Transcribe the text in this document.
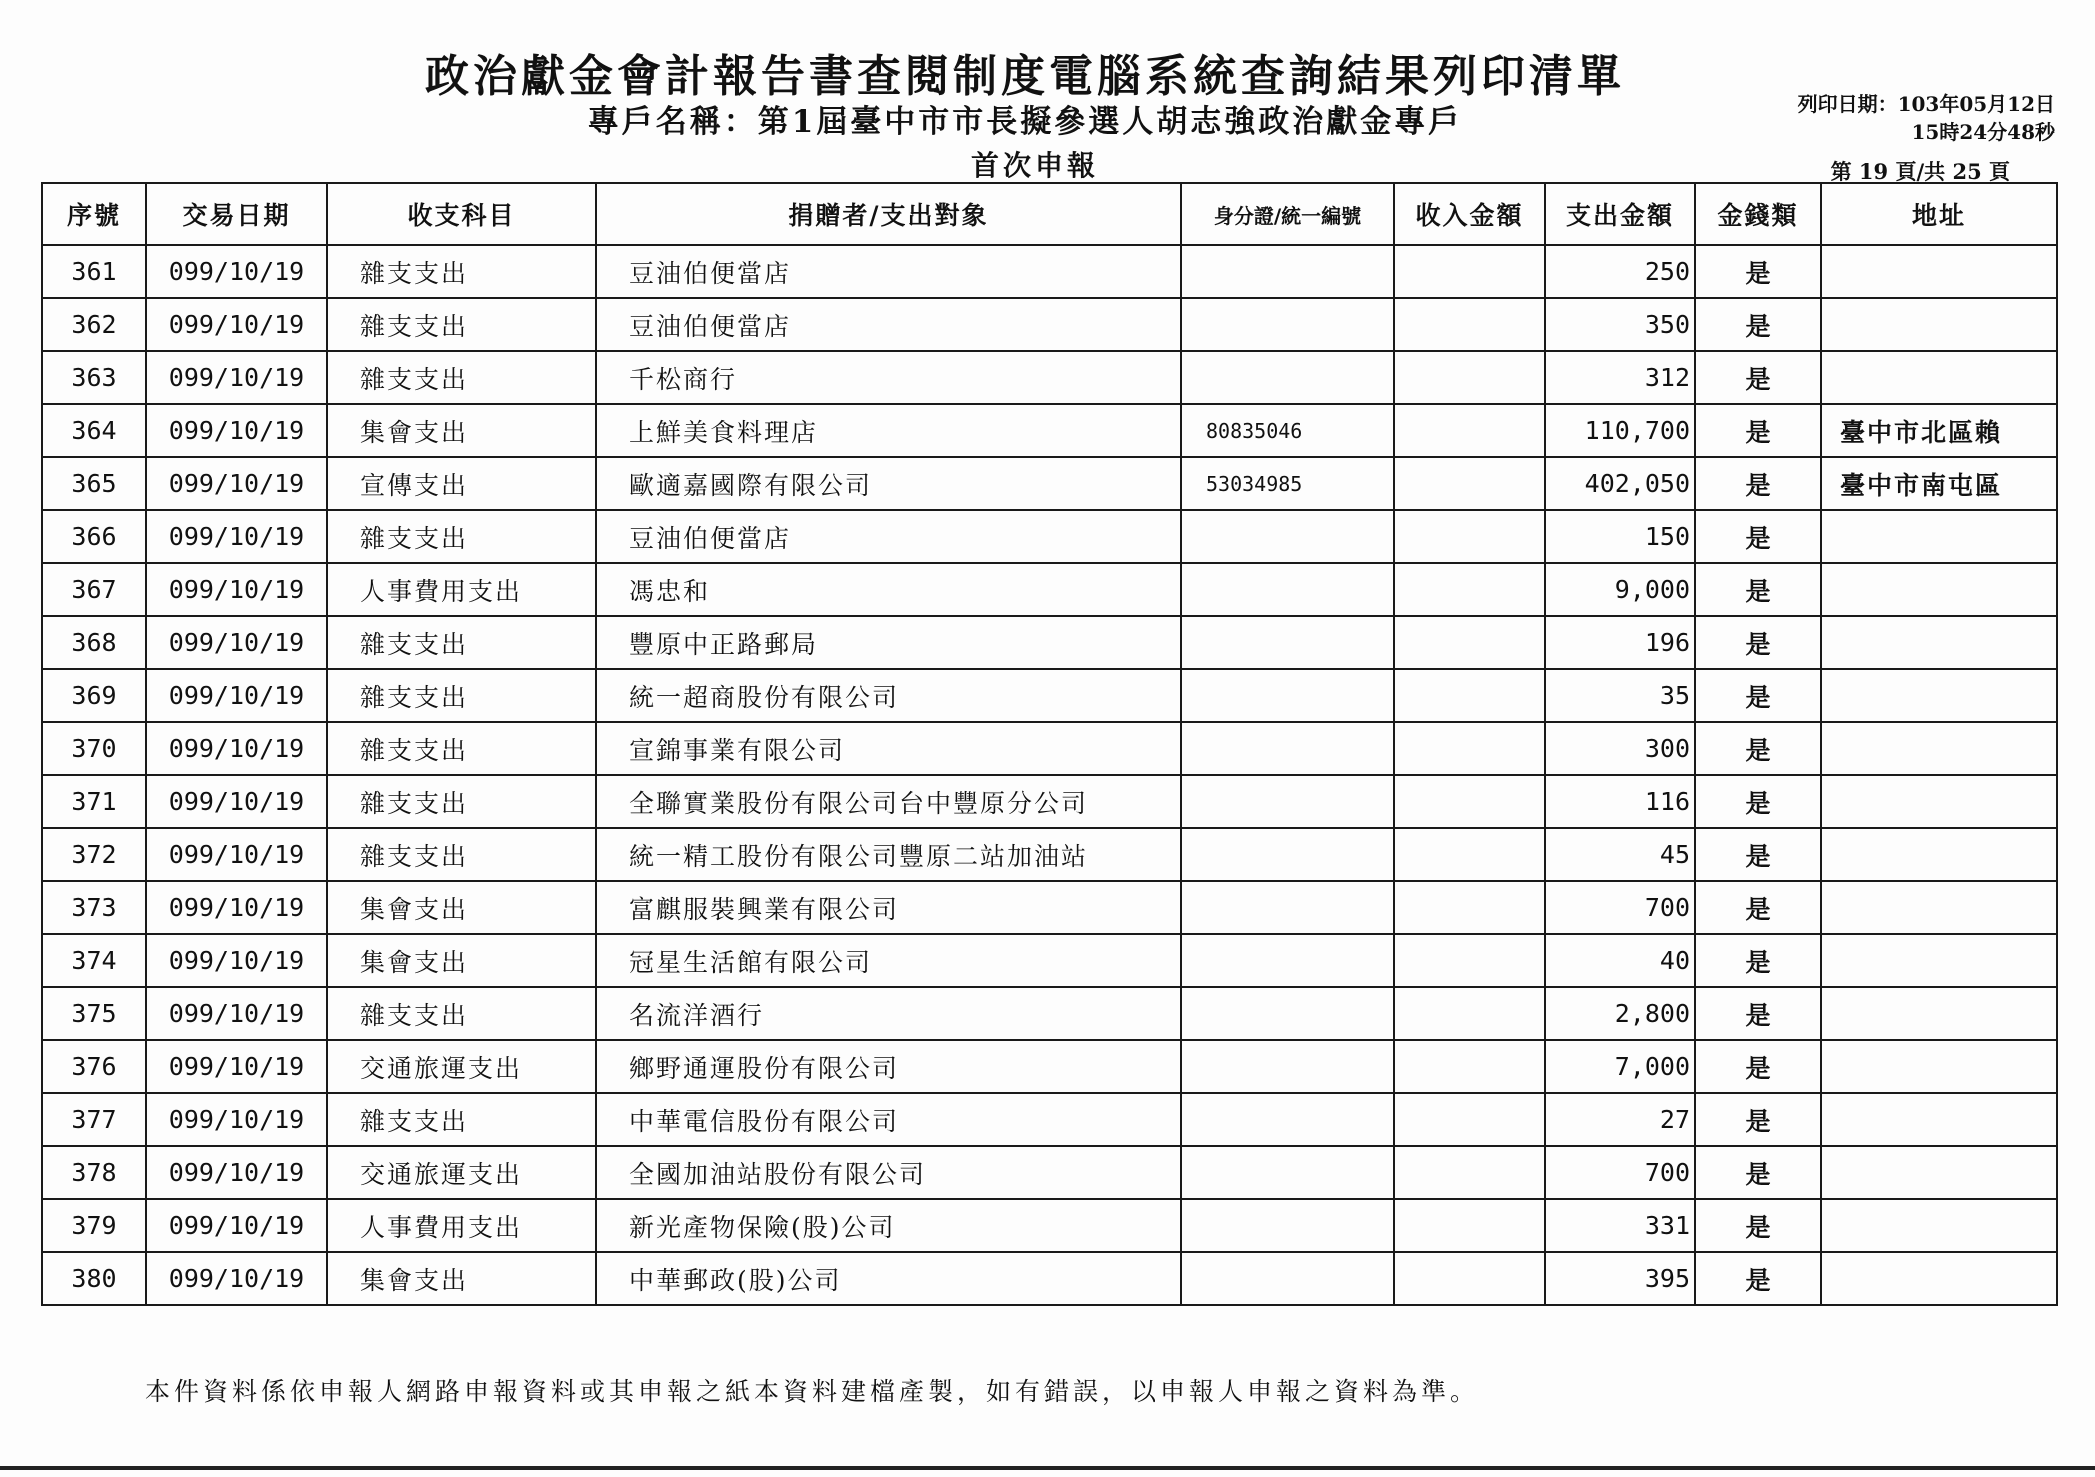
政治獻金會計報告書查閱制度電腦系統查詢結果列印清單
專戶名稱：第1屆臺中市市長擬參選人胡志強政治獻金專戶
首次申報
列印日期：103年05月12日
15時24分48秒
第 19 頁/共 25 頁
序號	交易日期	收支科目	捐贈者/支出對象	身分證/統一編號	收入金額	支出金額	金錢類	地址
361	099/10/19	雜支支出	豆油伯便當店			250	是	
362	099/10/19	雜支支出	豆油伯便當店			350	是	
363	099/10/19	雜支支出	千松商行			312	是	
364	099/10/19	集會支出	上鮮美食料理店	80835046		110,700	是	臺中市北區賴
365	099/10/19	宣傳支出	歐適嘉國際有限公司	53034985		402,050	是	臺中市南屯區
366	099/10/19	雜支支出	豆油伯便當店			150	是	
367	099/10/19	人事費用支出	馮忠和			9,000	是	
368	099/10/19	雜支支出	豐原中正路郵局			196	是	
369	099/10/19	雜支支出	統一超商股份有限公司			35	是	
370	099/10/19	雜支支出	宣錦事業有限公司			300	是	
371	099/10/19	雜支支出	全聯實業股份有限公司台中豐原分公司			116	是	
372	099/10/19	雜支支出	統一精工股份有限公司豐原二站加油站			45	是	
373	099/10/19	集會支出	富麒服裝興業有限公司			700	是	
374	099/10/19	集會支出	冠星生活館有限公司			40	是	
375	099/10/19	雜支支出	名流洋酒行			2,800	是	
376	099/10/19	交通旅運支出	鄉野通運股份有限公司			7,000	是	
377	099/10/19	雜支支出	中華電信股份有限公司			27	是	
378	099/10/19	交通旅運支出	全國加油站股份有限公司			700	是	
379	099/10/19	人事費用支出	新光產物保險(股)公司			331	是	
380	099/10/19	集會支出	中華郵政(股)公司			395	是	
本件資料係依申報人網路申報資料或其申報之紙本資料建檔產製，如有錯誤，以申報人申報之資料為準。
